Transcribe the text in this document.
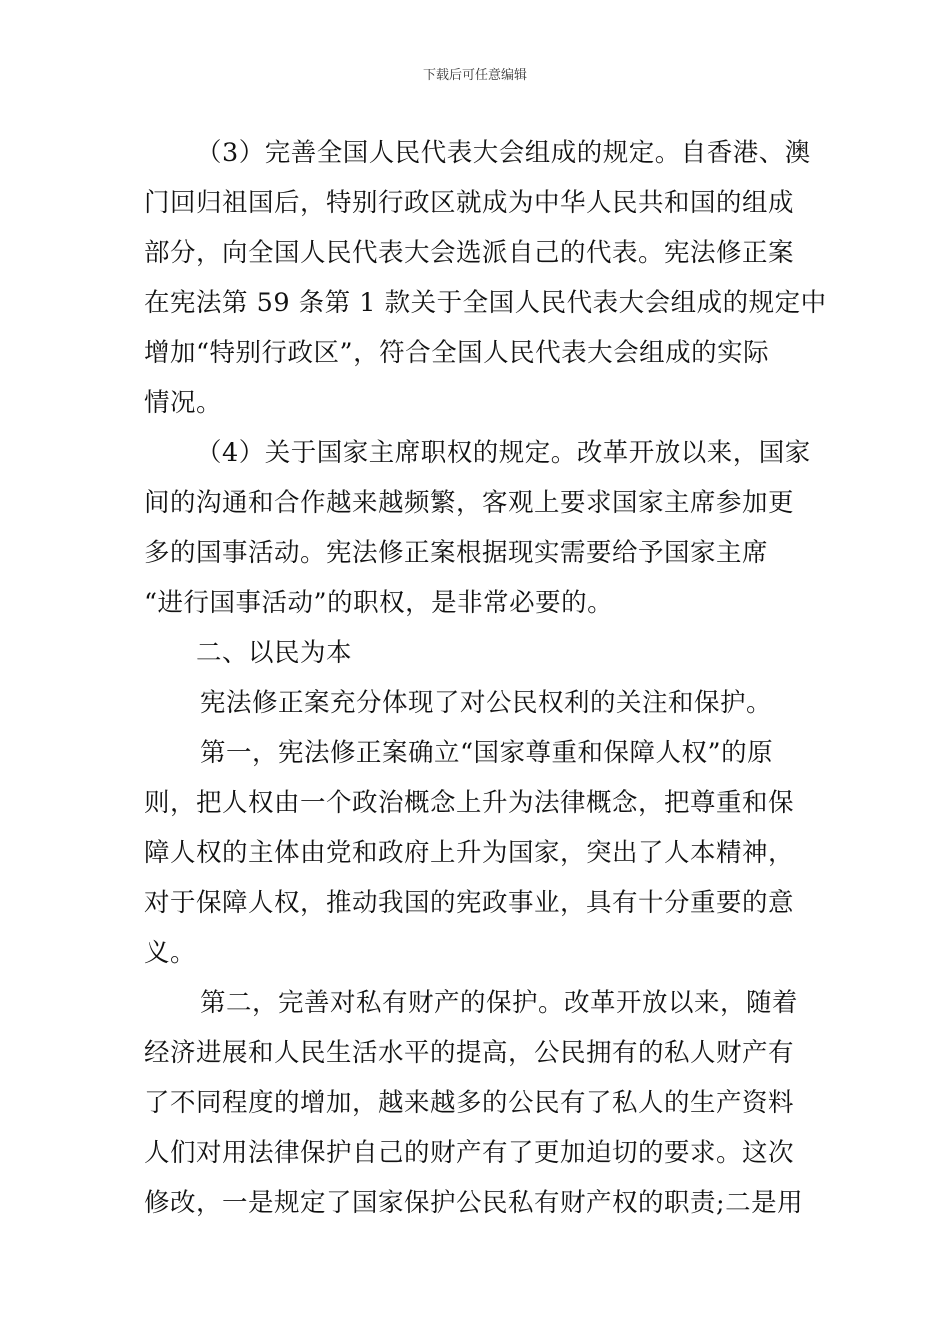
下载后可任意编辑
（3）完善全国人民代表大会组成的规定。自香港、澳
门回归祖国后，特别行政区就成为中华人民共和国的组成
部分，向全国人民代表大会选派自己的代表。宪法修正案
在宪法第 59 条第 1 款关于全国人民代表大会组成的规定中
增加“特别行政区”，符合全国人民代表大会组成的实际
情况。
（4）关于国家主席职权的规定。改革开放以来，国家
间的沟通和合作越来越频繁，客观上要求国家主席参加更
多的国事活动。宪法修正案根据现实需要给予国家主席
“进行国事活动”的职权，是非常必要的。
二、以民为本
宪法修正案充分体现了对公民权利的关注和保护。
第一，宪法修正案确立“国家尊重和保障人权”的原
则，把人权由一个政治概念上升为法律概念，把尊重和保
障人权的主体由党和政府上升为国家，突出了人本精神，
对于保障人权，推动我国的宪政事业，具有十分重要的意
义。
第二，完善对私有财产的保护。改革开放以来，随着
经济进展和人民生活水平的提高，公民拥有的私人财产有
了不同程度的增加，越来越多的公民有了私人的生产资料
人们对用法律保护自己的财产有了更加迫切的要求。这次
修改，一是规定了国家保护公民私有财产权的职责;二是用
